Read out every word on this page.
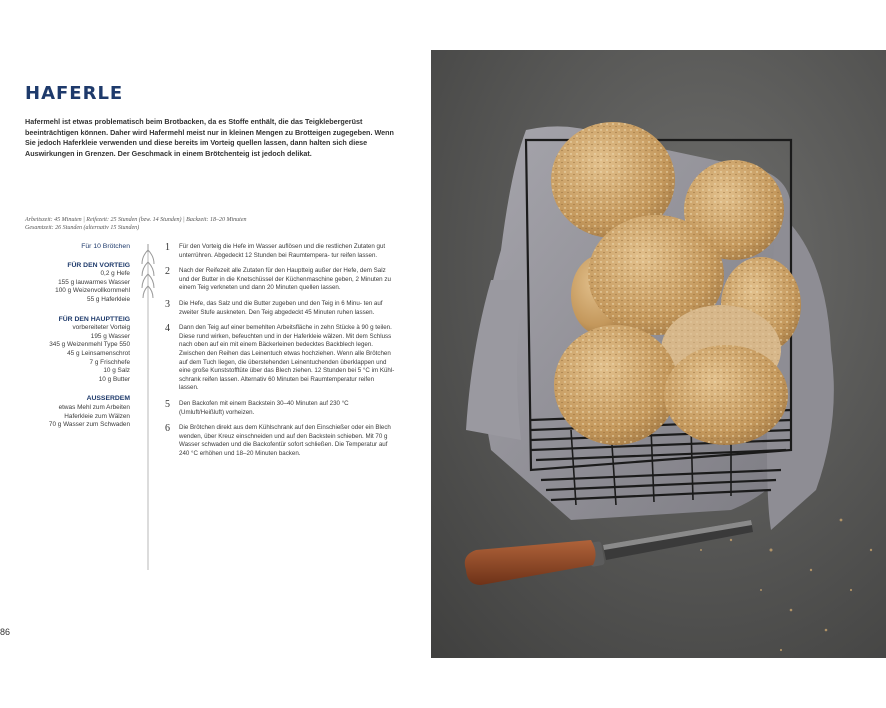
HAFERLE
Hafermehl ist etwas problematisch beim Brotbacken, da es Stoffe enthält, die das Teigklebergerüst beeinträchtigen können. Daher wird Hafermehl meist nur in kleinen Mengen zu Brotteigen zugegeben. Wenn Sie jedoch Haferkleie verwenden und diese bereits im Vorteig quellen lassen, dann halten sich diese Auswirkungen in Grenzen. Der Geschmack in einem Brötchenteig ist jedoch delikat.
Arbeitszeit: 45 Minuten | Reifezeit: 25 Stunden (bzw. 14 Stunden) | Backzeit: 18–20 Minuten
Gesamtzeit: 26 Stunden (alternativ 15 Stunden)
Für 10 Brötchen
FÜR DEN VORTEIG
0,2 g Hefe
155 g lauwarmes Wasser
100 g Weizenvollkornmehl
55 g Haferkleie
FÜR DEN HAUPTTEIG
vorbereiteter Vorteig
195 g Wasser
345 g Weizenmehl Type 550
45 g Leinsamenschrot
7 g Frischhefe
10 g Salz
10 g Butter
AUSSERDEM
etwas Mehl zum Arbeiten
Haferkleie zum Wälzen
70 g Wasser zum Schwaden
1	Für den Vorteig die Hefe im Wasser auflösen und die restlichen Zutaten gut unterrühren. Abgedeckt 12 Stunden bei Raumtempera- tur reifen lassen.
2	Nach der Reifezeit alle Zutaten für den Hauptteig außer der Hefe, dem Salz und der Butter in die Knetschüssel der Küchenmaschine geben, 2 Minuten zu einem Teig verkneten und dann 20 Minuten quellen lassen.
3	Die Hefe, das Salz und die Butter zugeben und den Teig in 6 Minu- ten auf zweiter Stufe auskneten. Den Teig abgedeckt 45 Minuten ruhen lassen.
4	Dann den Teig auf einer bemehlten Arbeitsfläche in zehn Stücke à 90 g teilen. Diese rund wirken, befeuchten und in der Haferkleie wälzen. Mit dem Schluss nach oben auf ein mit einem Bäckerleinen bedecktes Backblech legen. Zwischen den Reihen das Leinentuch etwas hochziehen. Wenn alle Brötchen auf dem Tuch liegen, die überstehenden Leinentuchenden überklappen und eine große Kunststofftüte über das Blech ziehen. 12 Stunden bei 5 °C im Kühl- schrank reifen lassen. Alternativ 60 Minuten bei Raumtemperatur reifen lassen.
5	Den Backofen mit einem Backstein 30–40 Minuten auf 230 °C (Umluft/Heißluft) vorheizen.
6	Die Brötchen direkt aus dem Kühlschrank auf den Einschießer oder ein Blech wenden, über Kreuz einschneiden und auf den Backstein schieben. Mit 70 g Wasser schwaden und die Backofentür sofort schließen. Die Temperatur auf 240 °C erhöhen und 18–20 Minuten backen.
86
